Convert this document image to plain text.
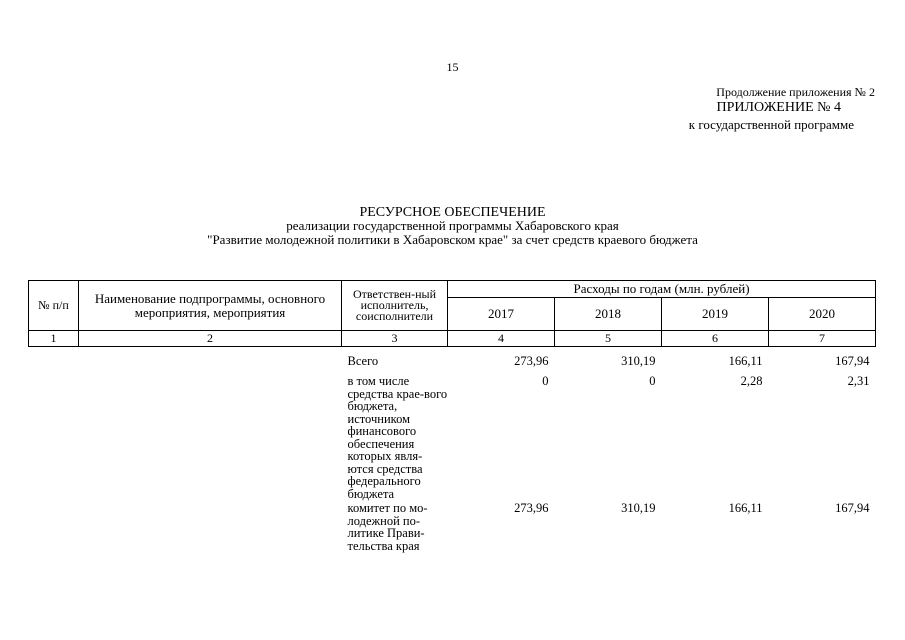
15
Продолжение приложения № 2
ПРИЛОЖЕНИЕ № 4
к государственной программе
РЕСУРСНОЕ ОБЕСПЕЧЕНИЕ
реализации государственной программы Хабаровского края
"Развитие молодежной политики в Хабаровском крае" за счет средств краевого бюджета
№ п/п	Наименование подпрограммы, основного мероприятия, мероприятия	Ответствен-ный исполнитель, соисполнители	Расходы по годам (млн. рублей)			
			2017	2018	2019	2020
1	2	3	4	5	6	7
		Всего	273,96	310,19	166,11	167,94
		в том числе средства крае-вого бюджета, источником финансового обеспечения которых явля-ются средства федерального бюджета	0	0	2,28	2,31
		комитет по мо-лодежной по-литике Прави-тельства края	273,96	310,19	166,11	167,94
